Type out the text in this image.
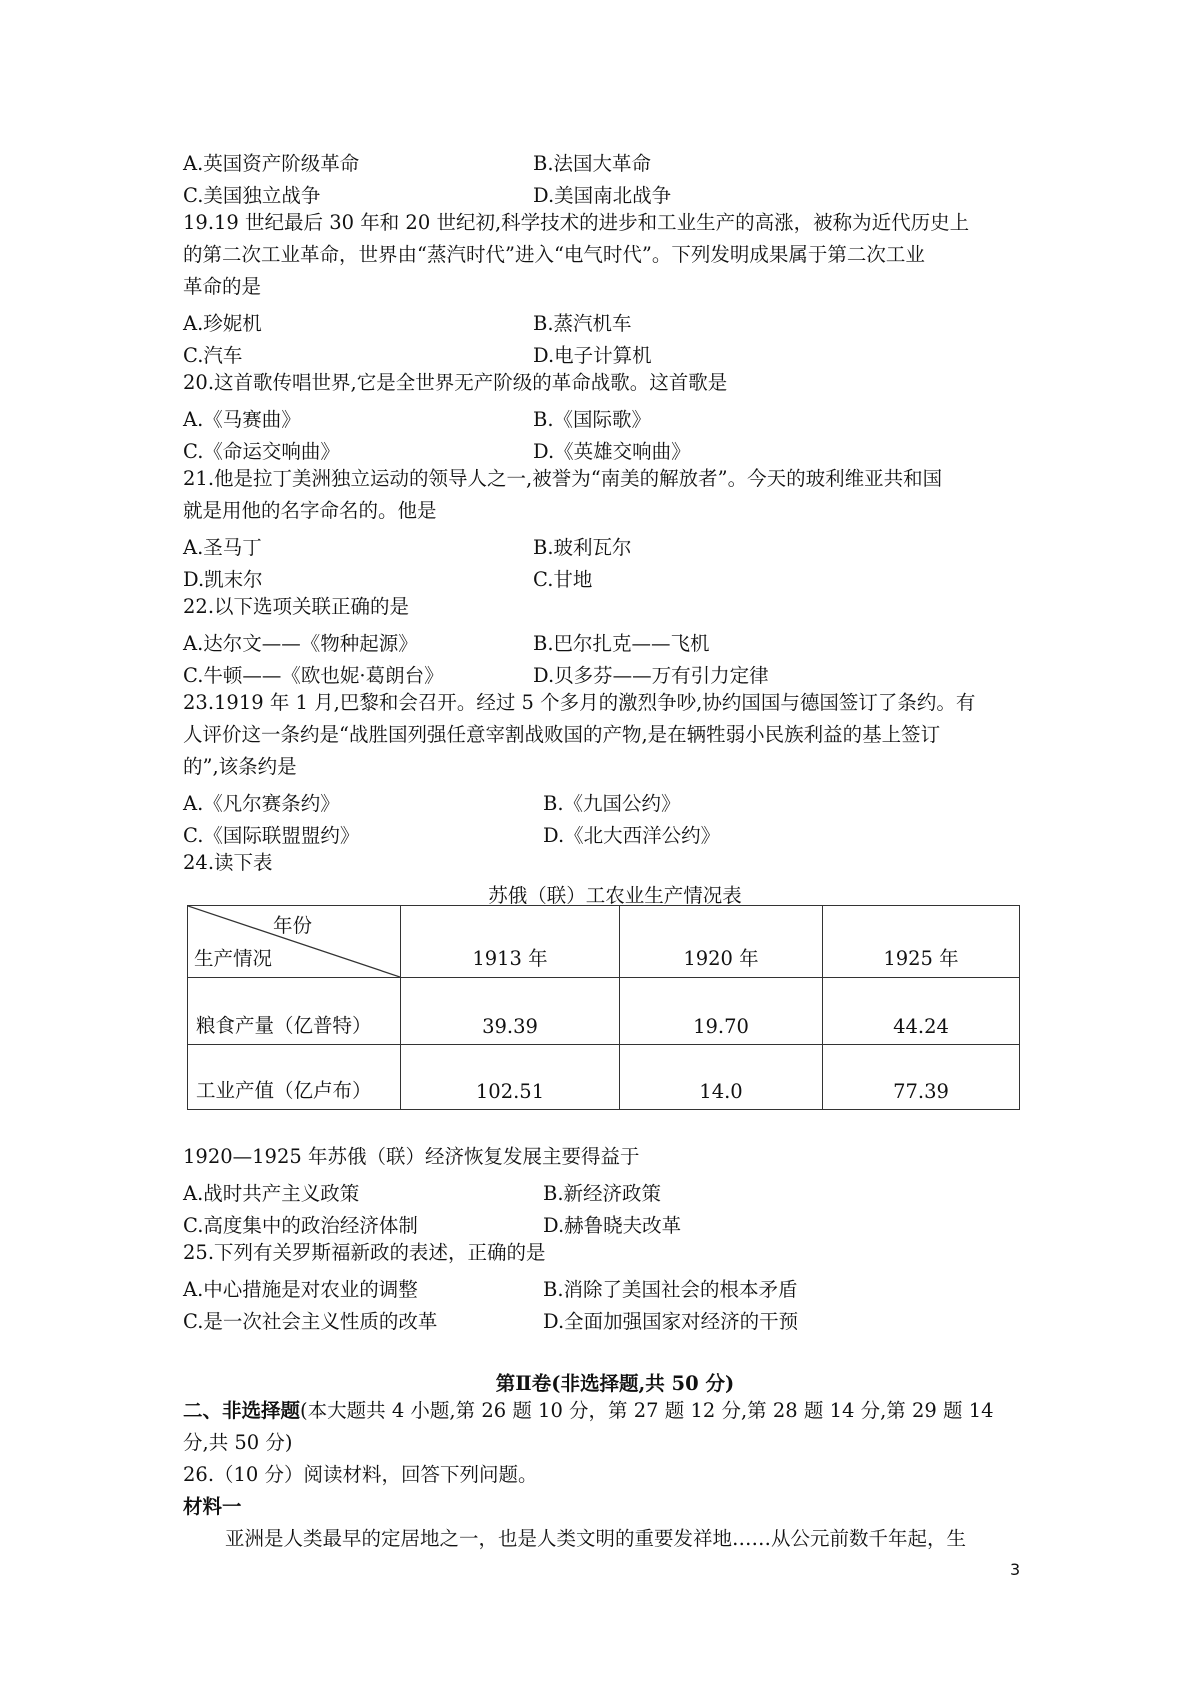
A.英国资产阶级革命	B.法国大革命
C.美国独立战争	D.美国南北战争
19.19 世纪最后 30 年和 20 世纪初,科学技术的进步和工业生产的高涨，被称为近代历史上
的第二次工业革命，世界由“蒸汽时代”进入“电气时代”。下列发明成果属于第二次工业
革命的是
A.珍妮机	B.蒸汽机车
C.汽车	D.电子计算机
20.这首歌传唱世界,它是全世界无产阶级的革命战歌。这首歌是
A.《马赛曲》	B.《国际歌》
C.《命运交响曲》	D.《英雄交响曲》
21.他是拉丁美洲独立运动的领导人之一,被誉为“南美的解放者”。今天的玻利维亚共和国
就是用他的名字命名的。他是
A.圣马丁	B.玻利瓦尔
D.凯末尔	C.甘地
22.以下选项关联正确的是
A.达尔文——《物种起源》	B.巴尔扎克——飞机
C.牛顿——《欧也妮·葛朗台》	D.贝多芬——万有引力定律
23.1919 年 1 月,巴黎和会召开。经过 5 个多月的激烈争吵,协约国国与德国签订了条约。有
人评价这一条约是“战胜国列强任意宰割战败国的产物,是在辆牲弱小民族利益的基上签订
的”,该条约是
A.《凡尔赛条约》	B.《九国公约》
C.《国际联盟盟约》	D.《北大西洋公约》
24.读下表
苏俄（联）工农业生产情况表
年份
生产情况	1913 年	1920 年	1925 年
粮食产量（亿普特）	39.39	19.70	44.24
工业产值（亿卢布）	102.51	14.0	77.39
1920—1925 年苏俄（联）经济恢复发展主要得益于
A.战时共产主义政策	B.新经济政策
C.高度集中的政治经济体制	D.赫鲁晓夫改革
25.下列有关罗斯福新政的表述，正确的是
A.中心措施是对农业的调整	B.消除了美国社会的根本矛盾
C.是一次社会主义性质的改革	D.全面加强国家对经济的干预
第Ⅱ卷(非选择题,共 50 分)
二、非选择题(本大题共 4 小题,第 26 题 10 分，第 27 题 12 分,第 28 题 14 分,第 29 题 14
分,共 50 分)
26.（10 分）阅读材料，回答下列问题。
材料一
亚洲是人类最早的定居地之一，也是人类文明的重要发祥地……从公元前数千年起，生
3
